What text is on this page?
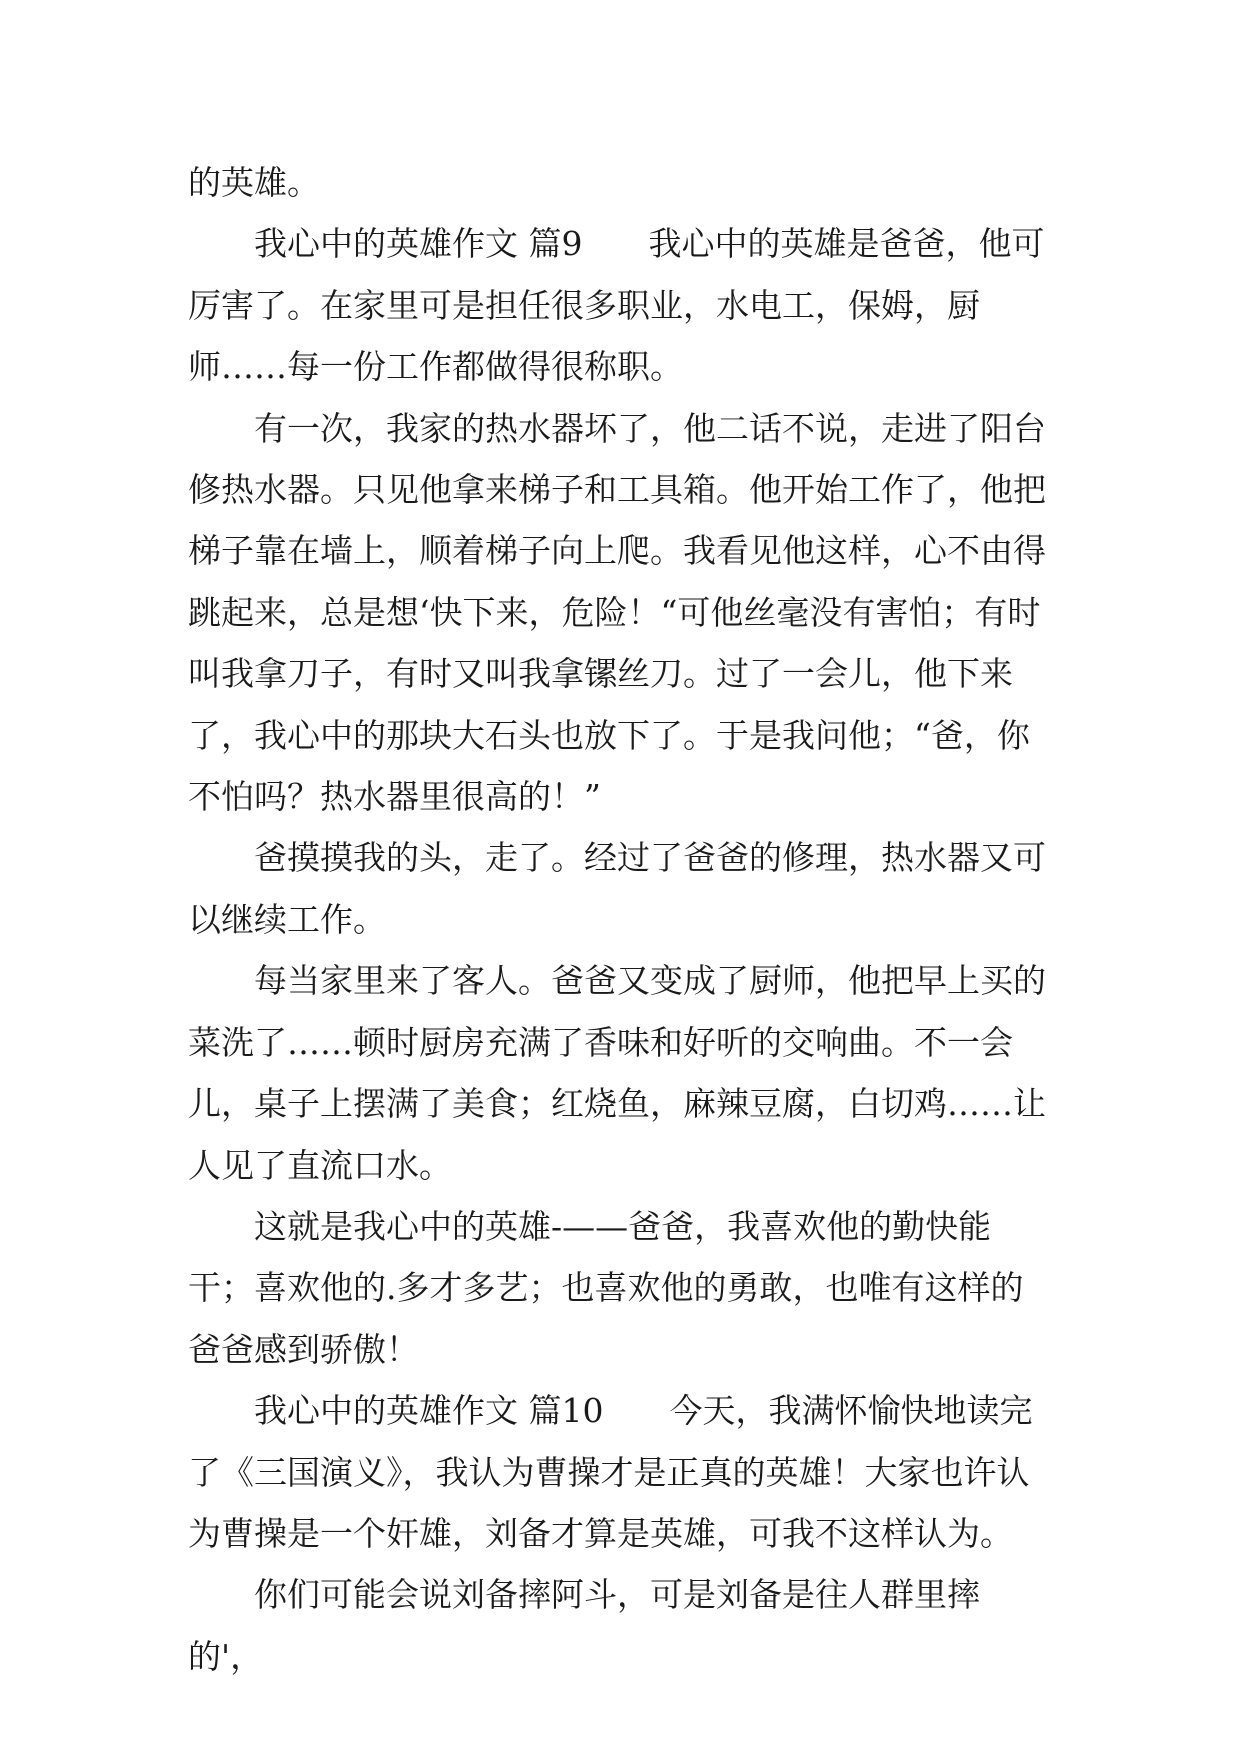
的英雄。

我心中的英雄作文 篇9 我心中的英雄是爸爸，他可厉害了。在家里可是担任很多职业，水电工，保姆，厨师……每一份工作都做得很称职。

有一次，我家的热水器坏了，他二话不说，走进了阳台修热水器。只见他拿来梯子和工具箱。他开始工作了，他把梯子靠在墙上，顺着梯子向上爬。我看见他这样，心不由得跳起来，总是想‘快下来，危险！“可他丝毫没有害怕；有时叫我拿刀子，有时又叫我拿镙丝刀。过了一会儿，他下来了，我心中的那块大石头也放下了。于是我问他；“爸，你不怕吗？热水器里很高的！”

爸摸摸我的头，走了。经过了爸爸的修理，热水器又可以继续工作。

每当家里来了客人。爸爸又变成了厨师，他把早上买的菜洗了……顿时厨房充满了香味和好听的交响曲。不一会儿，桌子上摆满了美食；红烧鱼，麻辣豆腐，白切鸡……让人见了直流口水。

这就是我心中的英雄-——爸爸，我喜欢他的勤快能干；喜欢他的.多才多艺；也喜欢他的勇敢，也唯有这样的爸爸感到骄傲！

我心中的英雄作文 篇10 今天，我满怀愉快地读完了《三国演义》，我认为曹操才是正真的英雄！大家也许认为曹操是一个奸雄，刘备才算是英雄，可我不这样认为。

你们可能会说刘备摔阿斗，可是刘备是往人群里摔的'，
